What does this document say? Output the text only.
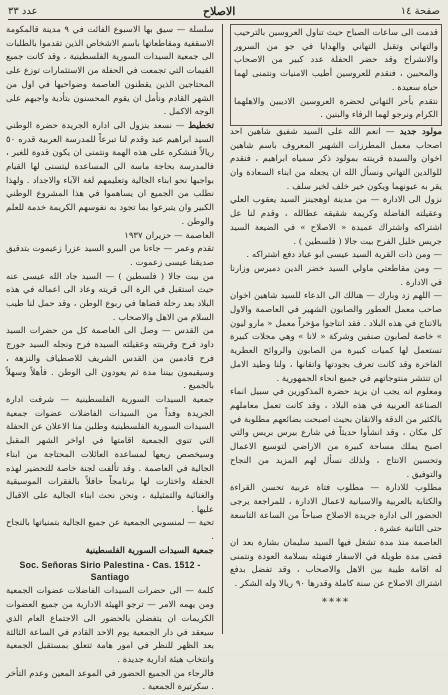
صفحة ١٤
الاصلاح
عدد ٣٣

قدمت الى ساعات الصباح حيث تناول العروسين بالترحيب والتهاني وتقبل التهاني والهدايا في جو من السرور والانشراح وقد حضر الحفلة عدد كبير من الاصحاب والمحبين ، فنقدم للعروسين أطيب الامنيات ونتمنى لهما حياة سعيدة .

نتقدم بأحر التهاني لحضرة العروسين الاديبين والاهلهما الكرام ونرجو لهما الرفاء والبنين .

مولود جديد — انعم الله على السيد شفيق شاهين احد اصحاب معمل المطرزات الشهير المعروف باسم شاهين اخوان والسيدة قرينته بمولود ذكر سمياه ابراهيم ، فنقدم للوالدين التهاني ونسأل الله ان يجعله من ابناء السعادة وان يقر به عيونهما ويكون خير خلف لخير سلف .

نزول الى الادارة — من مدينة اوهجينز السيد يعقوب العلي وعقيلته الفاضلة وكريمة شقيقه عطالله ، وقدم لنا عل اشتراكه واشتراك عميدة « الاصلاح » في الضيعة السيد جريس خليل الفرح بيت جالا ( فلسطين ) .

— ومن ذات القرية السيد عيسى ابو عياد دفع اشتراكه .

— ومن مقاطعتي ماولي السيد خضر الدين دميرس وزارنا في الادارة .

— اللهم زد وبارك — هنالك الى الدعاء للسيد شاهين اخوان صاحب معمل العطور والصابون الشهير في العاصمة والاول بالانتاج في هذه البلاد . فقد انتاجوا مؤخراً معمل « مارو ليون » خاصة لصابون صنفين وشركة « لانا » وهي محلات كبيرة تستعمل لها كميات كبيرة من الصابون والروائح العطرية الفاخرة وقد كانت تعرف بجودتها واتقانها ، ولنا وطيد الامل ان تنتشر منتوجاتهم في جميع انحاء الجمهورية .

ومعلوم انه يجب ان يزيد حضرة المذكورين في سبيل انماء الصناعة العربية في هذه البلاد ، وقد كانت تعمل معاملهم بالكثير من الدقة والاتقان بحيث اصبحت بضائعهم مطلوبة في كل مكان ، وقد انشأوا حديثاً في شارع بيرس بريس والتي اصبح يملك مساحة كبيرة من الاراضي لتوسيع الاعمال وتحسين الانتاج ، ولذلك نسأل لهم المزيد من النجاح والتوفيق .

مطلوب للادارة — مطلوب فتاة عربية تحسن القراءة والكتابة بالعربية والاسبانية لاعمال الادارة ، للمراجعة يرجى الحضور الى ادارة جريدة الاصلاح صباحاً من الساعة التاسعة حتى الثانية عشرة .

العاصمة منذ مدة تشغل فيها السيد سليمان بشارة بعد ان قضى مدة طويلة في الاسفار فنهنئه بسلامة العودة ونتمنى له اقامة طيبة بين الاهل والاصحاب ، وقد تفضل بدفع اشتراك الاصلاح عن سنة كاملة وقدرها ٩٠ ريالا وله الشكر .

****

سلسلة — سيق بها الاسبوع الفائت في ٩ مدينة قالمكومة الاسقفية ومقاطعاتها باسم الاشخاص الذين تقدموا بالطلبات الى جمعية السيدات السورية الفلسطينية ، وقد كانت جميع القيمات التي تجمعت في الحفلة من الاستثمارات توزع على المحتاجين الذين يقطنون العاصمة وضواحيها في اول من الشهر القادم ونأمل ان يقوم المحسنون بتأدية واجبهم على الوجه الاكمل .

تخطيط — نسعد بنزول الى ادارة الجريدة حضرة الوطني السيد ابراهيم عيد وقدم لنا تبرعاً للمدرسة العربية قدره ٥٠ ريالاً فنشكره على هذه الهمة ونتمنى ان يكون قدوة للغير ، فالمدرسة بحاجة ماسة الى المساعدة ليتسنى لها القيام بواجبها نحو ابناء الجالية وتعليمهم لغة الآباء والاجداد . ولهذا نطلب من الجميع ان يساهموا في هذا المشروع الوطني الكبير وان يتبرعوا بما تجود به نفوسهم الكريمة خدمة للعلم والوطن .

العاصمة — حزيران ١٩٣٧

تقدم وعمر — جاءنا من البيرو السيد عزرا زعيموت بتدقيق صديقنا عيسى زعموت .

من بيت جالا ( فلسطين ) — السيد جاد الله عيسى عنه حيث استقبل في الرة الى قريته وعاد الى اعماله في هذه البلاد بعد رحلة قضاها في ربوع الوطن ، وقد حمل لنا طيب السلام من الاهل والاصحاب .

من القدس — وصل الى العاصمة كل من حضرات السيد داود فرح وقرينته وعقيلته السيدة فرح ونجله السيد جورج فرح قادمين من القدس الشريف للاصطياف والنزهة ، وسيقيمون بيننا مدة ثم يعودون الى الوطن . فأهلاً وسهلاً بالجميع .

جمعية السيدات السورية الفلسطينية — شرفت ادارة الجريدة وفداً من السيدات الفاضلات عضوات جمعية السيدات السورية الفلسطينية وطلبن منا الاعلان عن الحفلة التي تنوي الجمعية اقامتها في اواخر الشهر المقبل وسيخصص ريعها لمساعدة العائلات المحتاجة من ابناء الجالية في العاصمة . وقد تألفت لجنة خاصة للتحضير لهذه الحفلة واختارت لها برنامجاً حافلاً بالفقرات الموسيقية والغنائية والتمثيلية ، ونحن نحث ابناء الجالية على الاقبال عليها .

تحية — لمنسوبي الجمعية عن جميع الجالية بتمنياتها بالنجاح .

جمعية السيدات السورية الفلسطينية

Soc. Señoras Sirio Palestina - Cas. 1512 - Santiago

كلمة — الى حضرات السيدات الفاضلات عضوات الجمعية ومن يهمه الامر — ترجو الهيئة الادارية من جميع العضوات الكريمات ان يتفضلن بالحضور الى الاجتماع العام الذي سيعقد في دار الجمعية يوم الاحد القادم في الساعة الثالثة بعد الظهر للنظر في امور هامة تتعلق بمستقبل الجمعية وانتخاب هيئة ادارية جديدة .

فالرجاء من الجميع الحضور في الموعد المعين وعدم التأخر . سكرتيرة الجمعية .
